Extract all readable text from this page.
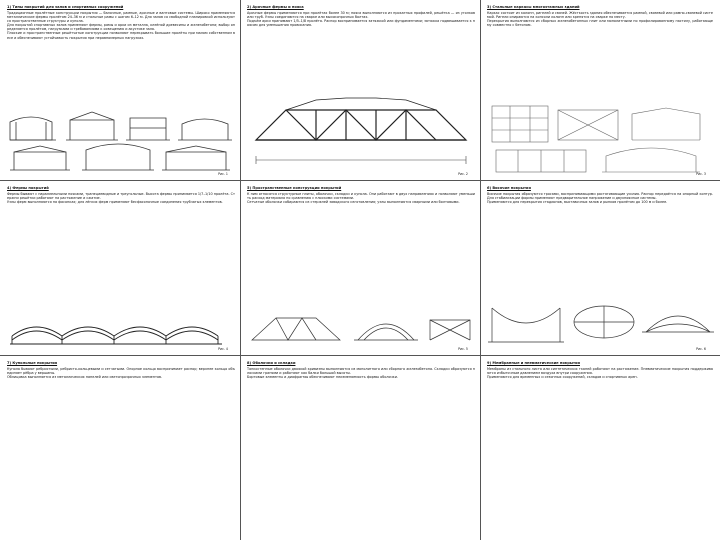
1) Типы покрытий для залов и спортивных сооружений
Традиционные пролётные конструкции покрытия — балочные, рамные, арочные и вантовые системы. Широко применяются металлические фермы пролётом 24–36 м и стальные рамы с шагом 6–12 м. Для залов со свободной планировкой используются пространственные структуры и купола.
Для покрытий спортивных залов применяют фермы, рамы и арки из металла, клеёной древесины и железобетона; выбор определяется пролётом, нагрузками и требованиями к освещению и акустике зала.
Плоские и пространственные решётчатые конструкции позволяют перекрывать большие пролёты при малом собственном весе и обеспечивают устойчивость покрытия при неравномерных нагрузках.
2) Арочные фермы и пояса
Арочные фермы применяются при пролётах более 30 м; пояса выполняются из прокатных профилей, решётка — из уголков или труб. Узлы соединяются на сварке или высокопрочных болтах.
Подъём арки принимают 1/5–1/8 пролёта. Распор воспринимается затяжкой или фундаментами; затяжка подвешивается к поясам для уменьшения провисания.
3) Стальные каркасы многоэтажных зданий
Каркас состоит из колонн, ригелей и связей. Жёсткость здания обеспечивается рамной, связевой или рамно-связевой системой. Ригели опираются на консоли колонн или крепятся на сварке по месту.
Перекрытия выполняются из сборных железобетонных плит или монолитными по профилированному настилу, работающему совместно с бетоном.
4) Фермы покрытий
Фермы бывают с параллельными поясами, трапециевидные и треугольные. Высота фермы принимается 1/7–1/10 пролёта. Стержни решётки работают на растяжение и сжатие.
Узлы ферм выполняются на фасонках; для лёгких ферм применяют бесфасоночные соединения трубчатых элементов.
5) Пространственные конструкции покрытий
К ним относятся структурные плиты, оболочки, складки и купола. Они работают в двух направлениях и позволяют уменьшить расход материала по сравнению с плоскими системами.
Сетчатые оболочки собираются из стержней заводского изготовления; узлы выполняются сварными или болтовыми.
6) Висячие покрытия
Висячие покрытия образуются тросами, воспринимающими растягивающие усилия. Распор передаётся на опорный контур. Для стабилизации формы применяют предварительное напряжение и двухпоясные системы.
Применяются для перекрытия стадионов, выставочных залов и рынков пролётом до 100 м и более.
7) Купольные покрытия
Купола бывают ребристыми, ребристо-кольцевыми и сетчатыми. Опорное кольцо воспринимает распор; верхнее кольцо объединяет рёбра у вершины.
Облицовка выполняется из металлических панелей или светопрозрачных элементов.
8) Оболочки и складки
Тонкостенные оболочки двоякой кривизны выполняются из монолитного или сборного железобетона. Складки образуются плоскими гранями и работают как балки большой высоты.
Бортовые элементы и диафрагмы обеспечивают неизменяемость формы оболочки.
9) Мембранные и пневматические покрытия
Мембраны из стального листа или синтетических тканей работают на растяжение. Пневматические покрытия поддерживаются избыточным давлением воздуха внутри сооружения.
Применяются для временных и сезонных сооружений, складов и спортивных арен.
Рис. 1	Рис. 2	Рис. 3
Рис. 4	Рис. 5	Рис. 6
